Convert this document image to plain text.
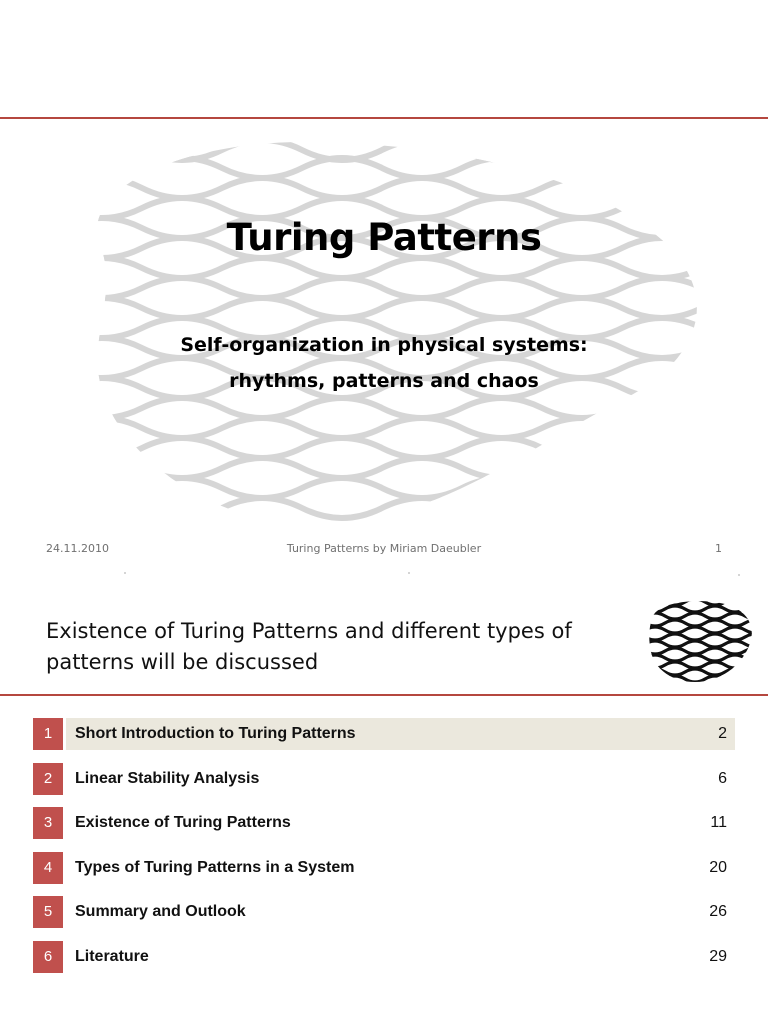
Turing Patterns
Self-organization in physical systems:
rhythms, patterns and chaos
24.11.2010	Turing Patterns by Miriam Daeubler	1
Existence of Turing Patterns and different types of
patterns will be discussed
1	Short Introduction to Turing Patterns	2
2	Linear Stability Analysis	6
3	Existence of Turing Patterns	11
4	Types of Turing Patterns in a System	20
5	Summary and Outlook	26
6	Literature	29
